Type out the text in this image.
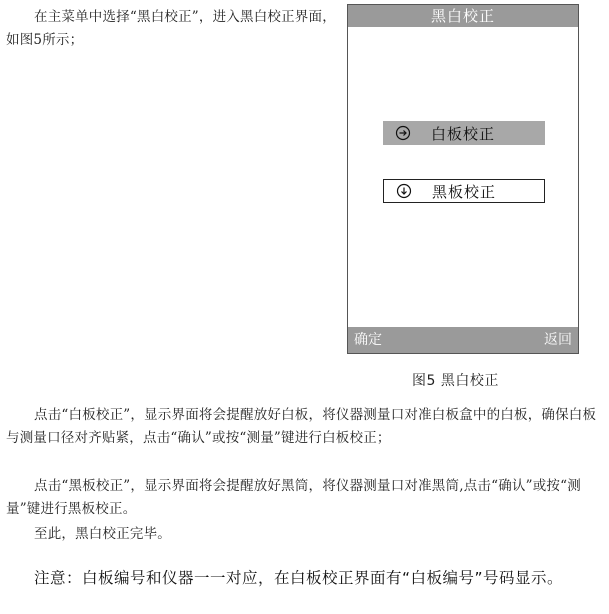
在主菜单中选择“黑白校正”，进入黑白校正界面，如图5所示；
黑白校正
白板校正
黑板校正
确定	返回
图5 黑白校正
点击“白板校正”，显示界面将会提醒放好白板，将仪器测量口对准白板盒中的白板，确保白板与测量口径对齐贴紧，点击“确认”或按“测量”键进行白板校正；
点击“黑板校正”，显示界面将会提醒放好黑筒，将仪器测量口对准黑筒,点击“确认”或按“测量”键进行黑板校正。
至此，黑白校正完毕。
注意：白板编号和仪器一一对应，在白板校正界面有“白板编号”号码显示。
